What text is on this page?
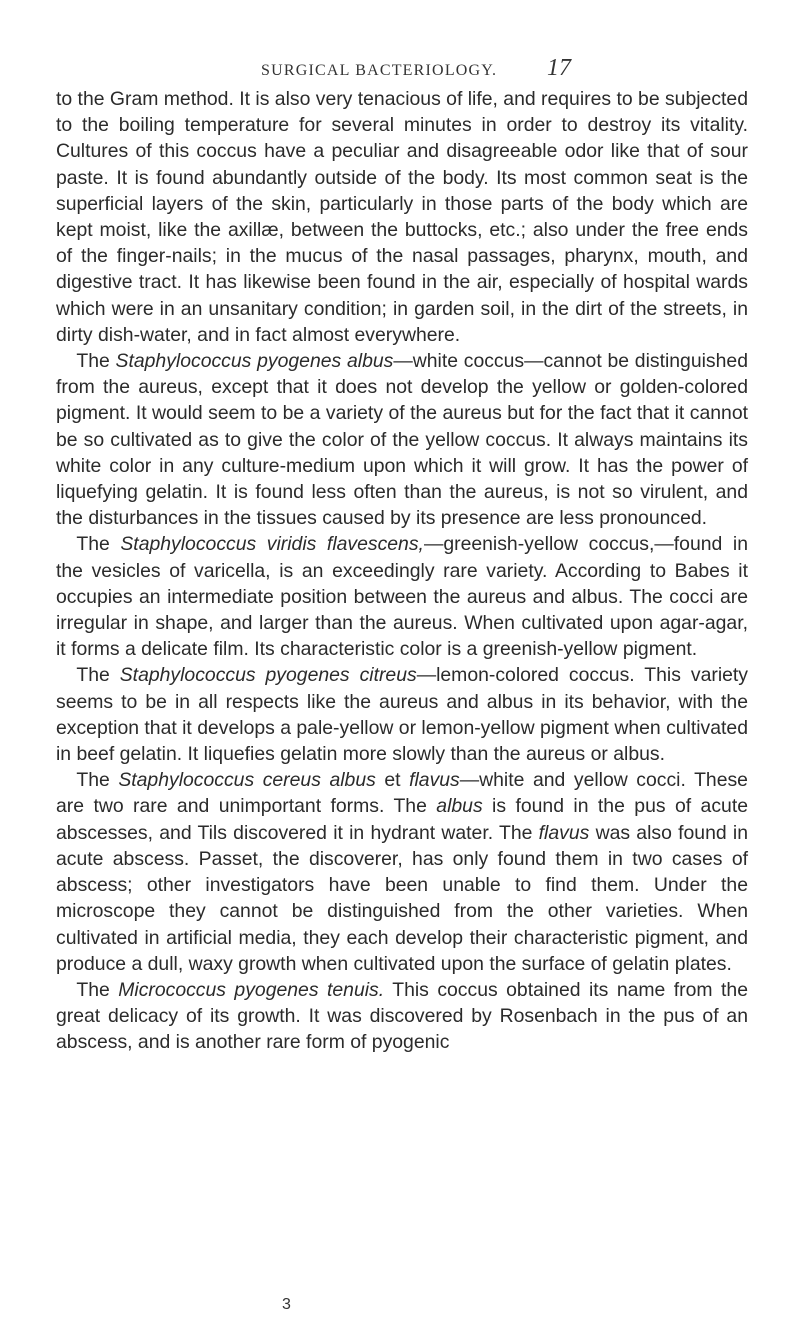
SURGICAL BACTERIOLOGY. 17

to the Gram method. It is also very tenacious of life, and requires to be subjected to the boiling temperature for several minutes in order to destroy its vitality. Cultures of this coccus have a peculiar and disagreeable odor like that of sour paste. It is found abundantly outside of the body. Its most common seat is the superficial layers of the skin, particularly in those parts of the body which are kept moist, like the axillæ, between the buttocks, etc.; also under the free ends of the finger-nails; in the mucus of the nasal passages, pharynx, mouth, and digestive tract. It has likewise been found in the air, especially of hospital wards which were in an unsanitary condition; in garden soil, in the dirt of the streets, in dirty dish-water, and in fact almost everywhere.

The Staphylococcus pyogenes albus—white coccus—cannot be distinguished from the aureus, except that it does not develop the yellow or golden-colored pigment. It would seem to be a variety of the aureus but for the fact that it cannot be so cultivated as to give the color of the yellow coccus. It always maintains its white color in any culture-medium upon which it will grow. It has the power of liquefying gelatin. It is found less often than the aureus, is not so virulent, and the disturbances in the tissues caused by its presence are less pronounced.

The Staphylococcus viridis flavescens,—greenish-yellow coccus,—found in the vesicles of varicella, is an exceedingly rare variety. According to Babes it occupies an intermediate position between the aureus and albus. The cocci are irregular in shape, and larger than the aureus. When cultivated upon agar-agar, it forms a delicate film. Its characteristic color is a greenish-yellow pigment.

The Staphylococcus pyogenes citreus—lemon-colored coccus. This variety seems to be in all respects like the aureus and albus in its behavior, with the exception that it develops a pale-yellow or lemon-yellow pigment when cultivated in beef gelatin. It liquefies gelatin more slowly than the aureus or albus.

The Staphylococcus cereus albus et flavus—white and yellow cocci. These are two rare and unimportant forms. The albus is found in the pus of acute abscesses, and Tils discovered it in hydrant water. The flavus was also found in acute abscess. Passet, the discoverer, has only found them in two cases of abscess; other investigators have been unable to find them. Under the microscope they cannot be distinguished from the other varieties. When cultivated in artificial media, they each develop their characteristic pigment, and produce a dull, waxy growth when cultivated upon the surface of gelatin plates.

The Micrococcus pyogenes tenuis. This coccus obtained its name from the great delicacy of its growth. It was discovered by Rosenbach in the pus of an abscess, and is another rare form of pyogenic

3
